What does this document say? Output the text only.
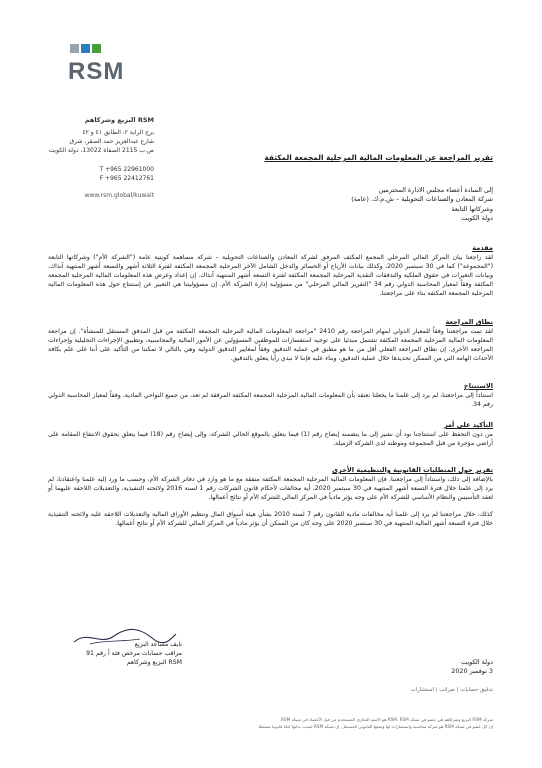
RSM
RSM البزيع وشركاهم
برج الراية ٢، الطابق ٤١ و ٤٢
شارع عبدالعزيز حمد الصقر، شرق
ص.ب 2115 الصفاة 13022، دولة الكويت
T +965 22961000
F +965 22412761
www.rsm.global/kuwait
تقرير المراجعة عن المعلومات المالية المرحلية المجمعة المكثفة
إلى السادة أعضاء مجلس الادارة المحترمين
شركة المعادن والصناعات التحويلية – ش.م.ك. (عامة)
وشركاتها التابعة
دولة الكويت
مقدمة

لقد راجعنا بيان المركز المالي المرحلي المجمع المكثف المرفق لشركة المعادن والصناعات التحويلية – شركة مساهمة كويتية عامة ("الشركة الأم") وشركاتها التابعة ("المجموعة") كما في 30 سبتمبر 2020، وكذلك بيانات الأرباح أو الخسائر والدخل الشامل الآخر المرحلية المجمعة المكثفة لفترة الثلاثة أشهر والتسعة أشهر المنتهية آنذاك، وبيانات التغيرات في حقوق الملكية والتدفقات النقدية المرحلية المجمعة المكثفة لفترة التسعة أشهر المنتهية آنذاك. إن إعداد وعرض هذه المعلومات المالية المرحلية المجمعة المكثفة وفقاً لمعيار المحاسبة الدولي رقم 34 "التقرير المالي المرحلي" من مسؤولية إدارة الشركة الأم. إن مسؤوليتنا هي التعبير عن إستنتاج حول هذه المعلومات المالية المرحلية المجمعة المكثفة بناء على مراجعتنا.

نطاق المراجعة

لقد تمت مراجعتنا وفقاً للمعيار الدولي لمهام المراجعة رقم 2410 "مراجعة المعلومات المالية المرحلية المجمعة المكثفة من قبل المدقق المستقل للمنشأة". إن مراجعة المعلومات المالية المرحلية المجمعة المكثفة تشتمل مبدئيا على توجيه استفسارات للموظفين المسؤولين عن الأمور المالية والمحاسبية، وتطبيق الإجراءات التحليلية وإجراءات المراجعة الأخرى. إن نطاق المراجعة الفعلي أقل من ما هو مطبق في عملية التدقيق وفقاً لمعايير التدقيق الدولية وهي بالتالي لا تمكننا من التأكيد على أننا على علم بكافة الأحداث الهامة التي من الممكن تحديدها خلال عملية التدقيق، وبناء عليه فإننا لا نبدي رأيا يتعلق بالتدقيق.

الاستنتاج

استناداً إلى مراجعتنا، لم يرد إلى علمنا ما يجعلنا نعتقد بأن المعلومات المالية المرحلية المجمعة المكثفة المرفقة لم تعد، من جميع النواحي المادية، وفقاً لمعيار المحاسبة الدولي رقم 34.

التأكيد على أمر

من دون التحفظ على استنتاجنا نود أن نشير إلى ما يتضمنه إيضاح رقم (1) فيما يتعلق بالموقع الحالي للشركة، وإلى إيضاح رقم (18) فيما يتعلق بحقوق الانتفاع المقامة على أراضي مؤجرة من قبل المجموعة وموطنه لدى الشركة الزميلة.

تقرير حول المتطلبات القانونية والتنظيمية الأخرى

بالإضافة إلى ذلك، واستناداً إلى مراجعتنا، فإن المعلومات المالية المرحلية المجمعة المكثفة متفقة مع ما هو وارد في دفاتر الشركة الأم، وحسب ما ورد إليه علمنا واعتقادنا، لم يرد إلى علمنا خلال فترة التسعة أشهر المنتهية في 30 سبتمبر 2020، أية مخالفات لأحكام قانون الشركات رقم 1 لسنة 2016 ولائحته التنفيذية، والتعديلات اللاحقة عليهما أو لعقد التأسيس والنظام الأساسي للشركة الأم على وجه يؤثر مادياً في المركز المالي للشركة الأم أو نتائج أعمالها.

كذلك، خلال مراجعتنا لم يرد إلى علمنا أية مخالفات مادية للقانون رقم 7 لسنة 2010 بشأن هيئة أسواق المال وتنظيم الأوراق المالية والتعديلات اللاحقة عليه ولائحته التنفيذية خلال فترة التسعة أشهر المالية المنتهية في 30 سبتمبر 2020 على وجه كان من الممكن أن يؤثر مادياً في المركز المالي للشركة الأم أو نتائج أعمالها.

نايف مساعد البزيع
مراقب حسابات مرخص فئة أ رقم 91
RSM البزيع وشركاهم	دولة الكويت
3 نوفمبر 2020
تدقيق حسابات | ضرائب | استشارات
شركة RSM البزيع وشركاهم هي عضو في شبكة RSM. RSM هو الاسم التجاري المستخدم من قبل الأعضاء في شبكة RSM.
إن كل عضو في شبكة RSM هو شركة محاسبة واستشارات لها وضعها القانوني المستقل. إن شبكة RSM ليست بذاتها كيانا قانونيا مستقلا.
